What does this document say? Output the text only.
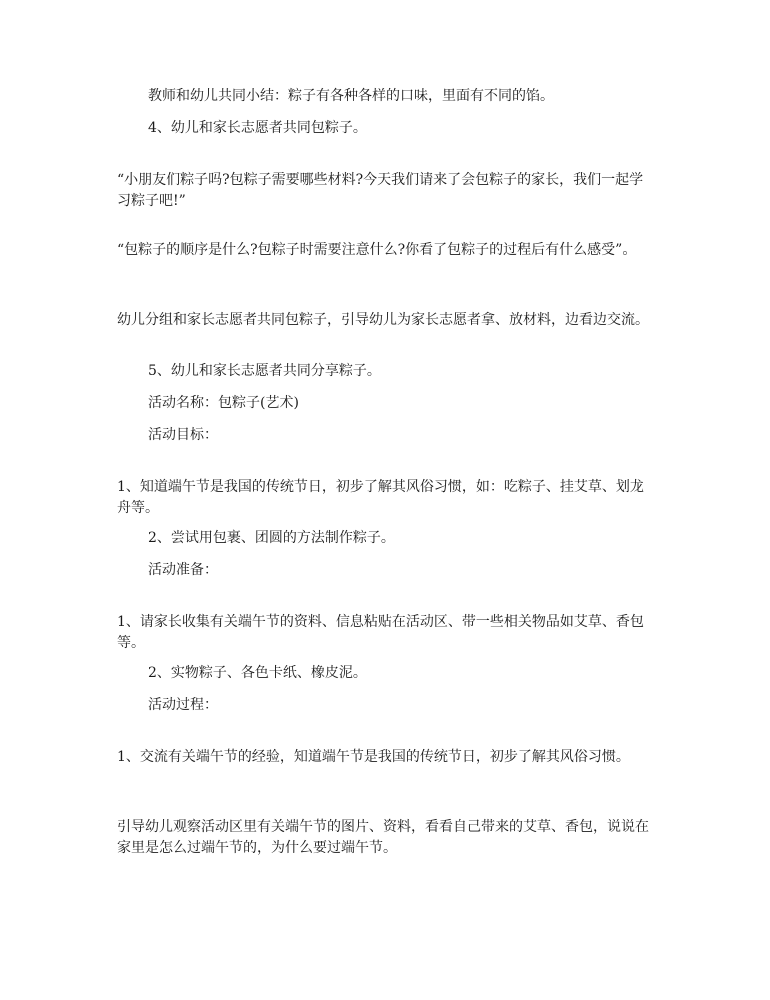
教师和幼儿共同小结：粽子有各种各样的口味，里面有不同的馅。

4、幼儿和家长志愿者共同包粽子。

“小朋友们粽子吗?包粽子需要哪些材料?今天我们请来了会包粽子的家长，我们一起学习粽子吧!”

“包粽子的顺序是什么?包粽子时需要注意什么?你看了包粽子的过程后有什么感受”。

幼儿分组和家长志愿者共同包粽子，引导幼儿为家长志愿者拿、放材料，边看边交流。

5、幼儿和家长志愿者共同分享粽子。

活动名称：包粽子(艺术)

活动目标：

1、知道端午节是我国的传统节日，初步了解其风俗习惯，如：吃粽子、挂艾草、划龙舟等。

2、尝试用包裹、团圆的方法制作粽子。

活动准备：

1、请家长收集有关端午节的资料、信息粘贴在活动区、带一些相关物品如艾草、香包等。

2、实物粽子、各色卡纸、橡皮泥。

活动过程：

1、交流有关端午节的经验，知道端午节是我国的传统节日，初步了解其风俗习惯。

引导幼儿观察活动区里有关端午节的图片、资料，看看自己带来的艾草、香包，说说在家里是怎么过端午节的，为什么要过端午节。
